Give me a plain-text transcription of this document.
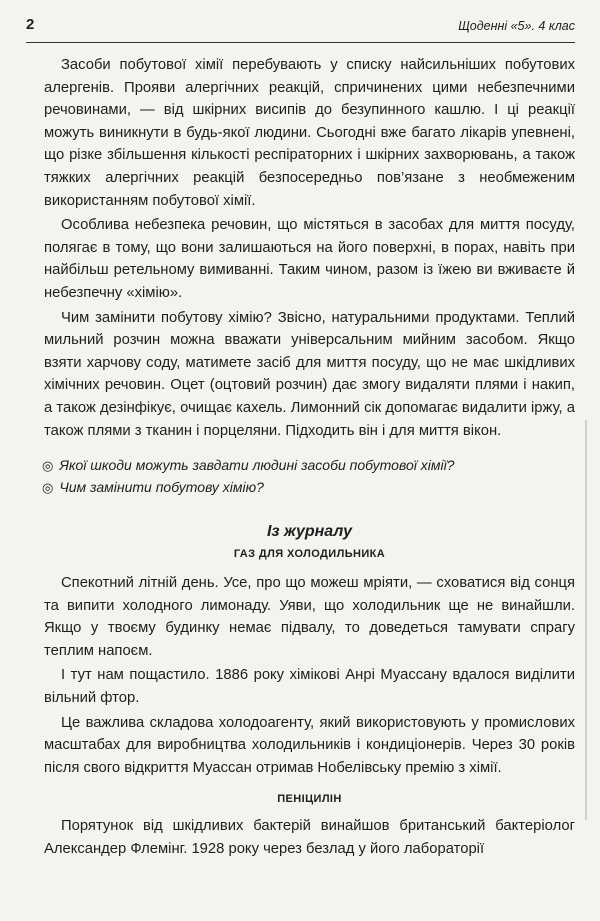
2	Щоденні «5». 4 клас

Засоби побутової хімії перебувають у списку найсильніших побутових алергенів. Прояви алергічних реакцій, спричинених цими небезпечними речовинами, — від шкірних висипів до безупинного кашлю. І ці реакції можуть виникнути в будь-якої людини. Сьогодні вже багато лікарів упевнені, що різке збільшення кількості респіраторних і шкірних захворювань, а також тяжких алергічних реакцій безпосередньо пов’язане з необмеженим використанням побутової хімії.

Особлива небезпека речовин, що містяться в засобах для миття посуду, полягає в тому, що вони залишаються на його поверхні, в порах, навіть при найбільш ретельному вимиванні. Таким чином, разом із їжею ви вживаєте й небезпечну «хімію».

Чим замінити побутову хімію? Звісно, натуральними продуктами. Теплий мильний розчин можна вважати універсальним мийним засобом. Якщо взяти харчову соду, матимете засіб для миття посуду, що не має шкідливих хімічних речовин. Оцет (оцтовий розчин) дає змогу видаляти плями і накип, а також дезінфікує, очищає кахель. Лимонний сік допомагає видалити іржу, а також плями з тканин і порцеляни. Підходить він і для миття вікон.

◎ Якої шкоди можуть завдати людині засоби побутової хімії?
◎ Чим замінити побутову хімію?
Із журналу
ГАЗ ДЛЯ ХОЛОДИЛЬНИКА

Спекотний літній день. Усе, про що можеш мріяти, — сховатися від сонця та випити холодного лимонаду. Уяви, що холодильник ще не винайшли. Якщо у твоєму будинку немає підвалу, то доведеться тамувати спрагу теплим напоєм.

І тут нам пощастило. 1886 року хімікові Анрі Муассану вдалося виділити вільний фтор.

Це важлива складова холодоагенту, який використовують у промислових масштабах для виробництва холодильників і кондиціонерів. Через 30 років після свого відкриття Муассан отримав Нобелівську премію з хімії.

ПЕНІЦИЛІН

Порятунок від шкідливих бактерій винайшов британський бактеріолог Александер Флемінг. 1928 року через безлад у його лабораторії
